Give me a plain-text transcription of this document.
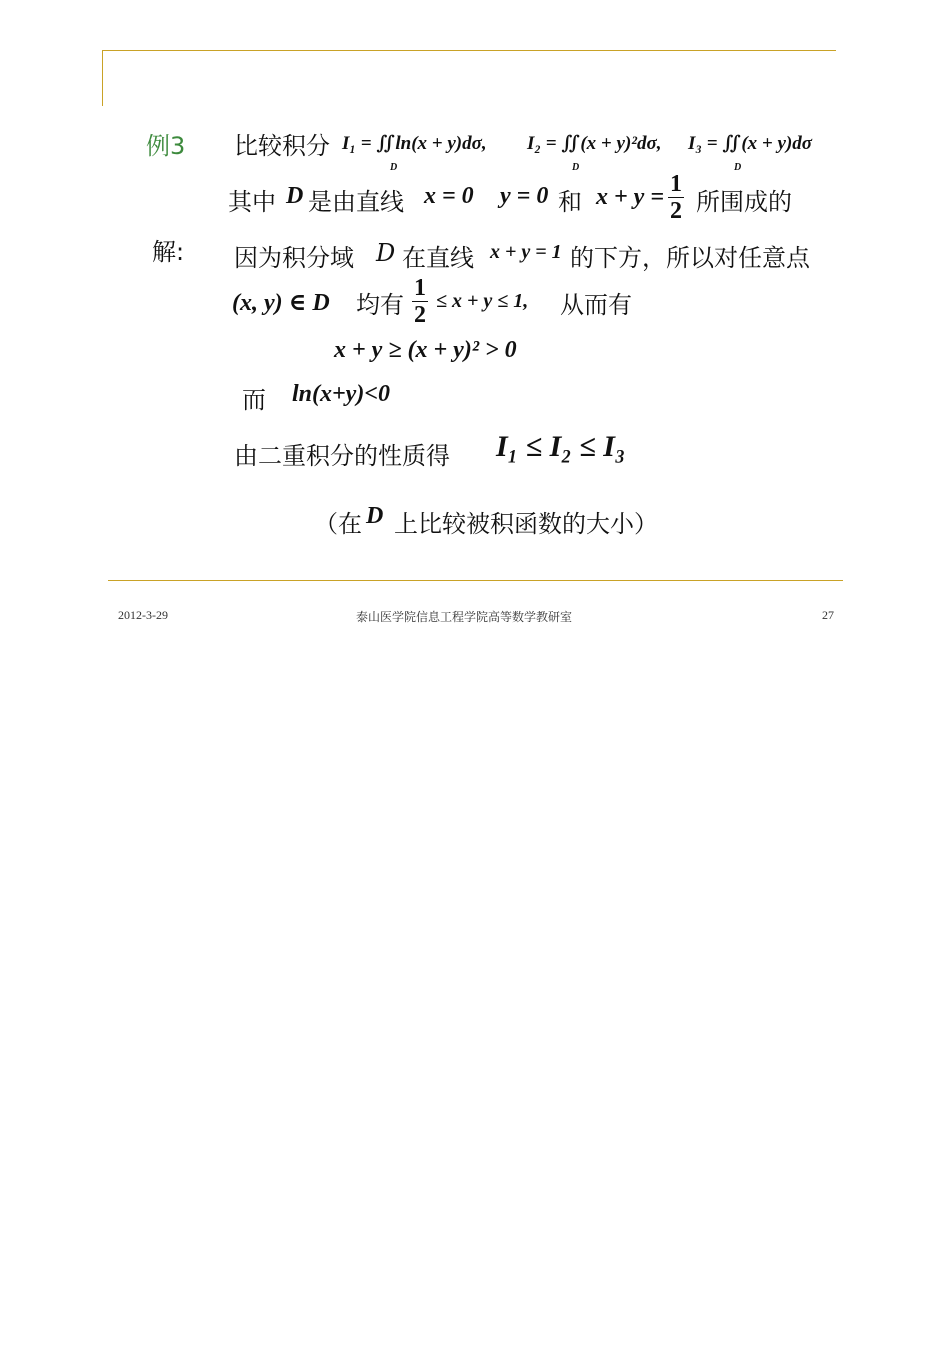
例3 比较积分 I₁ = ∬ln(x + y)dσ,
D
I₂ = ∬(x + y)²dσ,
D
I₃ = ∬(x + y)dσ
D
其中 D 是由直线 x = 0 y = 0 和 $x + y = \frac{1}{2}$ 所围成的
解: 因为积分域 D 在直线 x + y = 1 的下方，所以对任意点
(x, y) ∈ D 均有 $\frac{1}{2} \le x + y \le 1$, 从而有
x + y ≥ (x + y)² > 0
而 ln(x+y)<0
由二重积分的性质得 I₁ ≤ I₂ ≤ I₃
（在 D 上比较被积函数的大小）
2012-3-29	泰山医学院信息工程学院高等数学教研室	27
